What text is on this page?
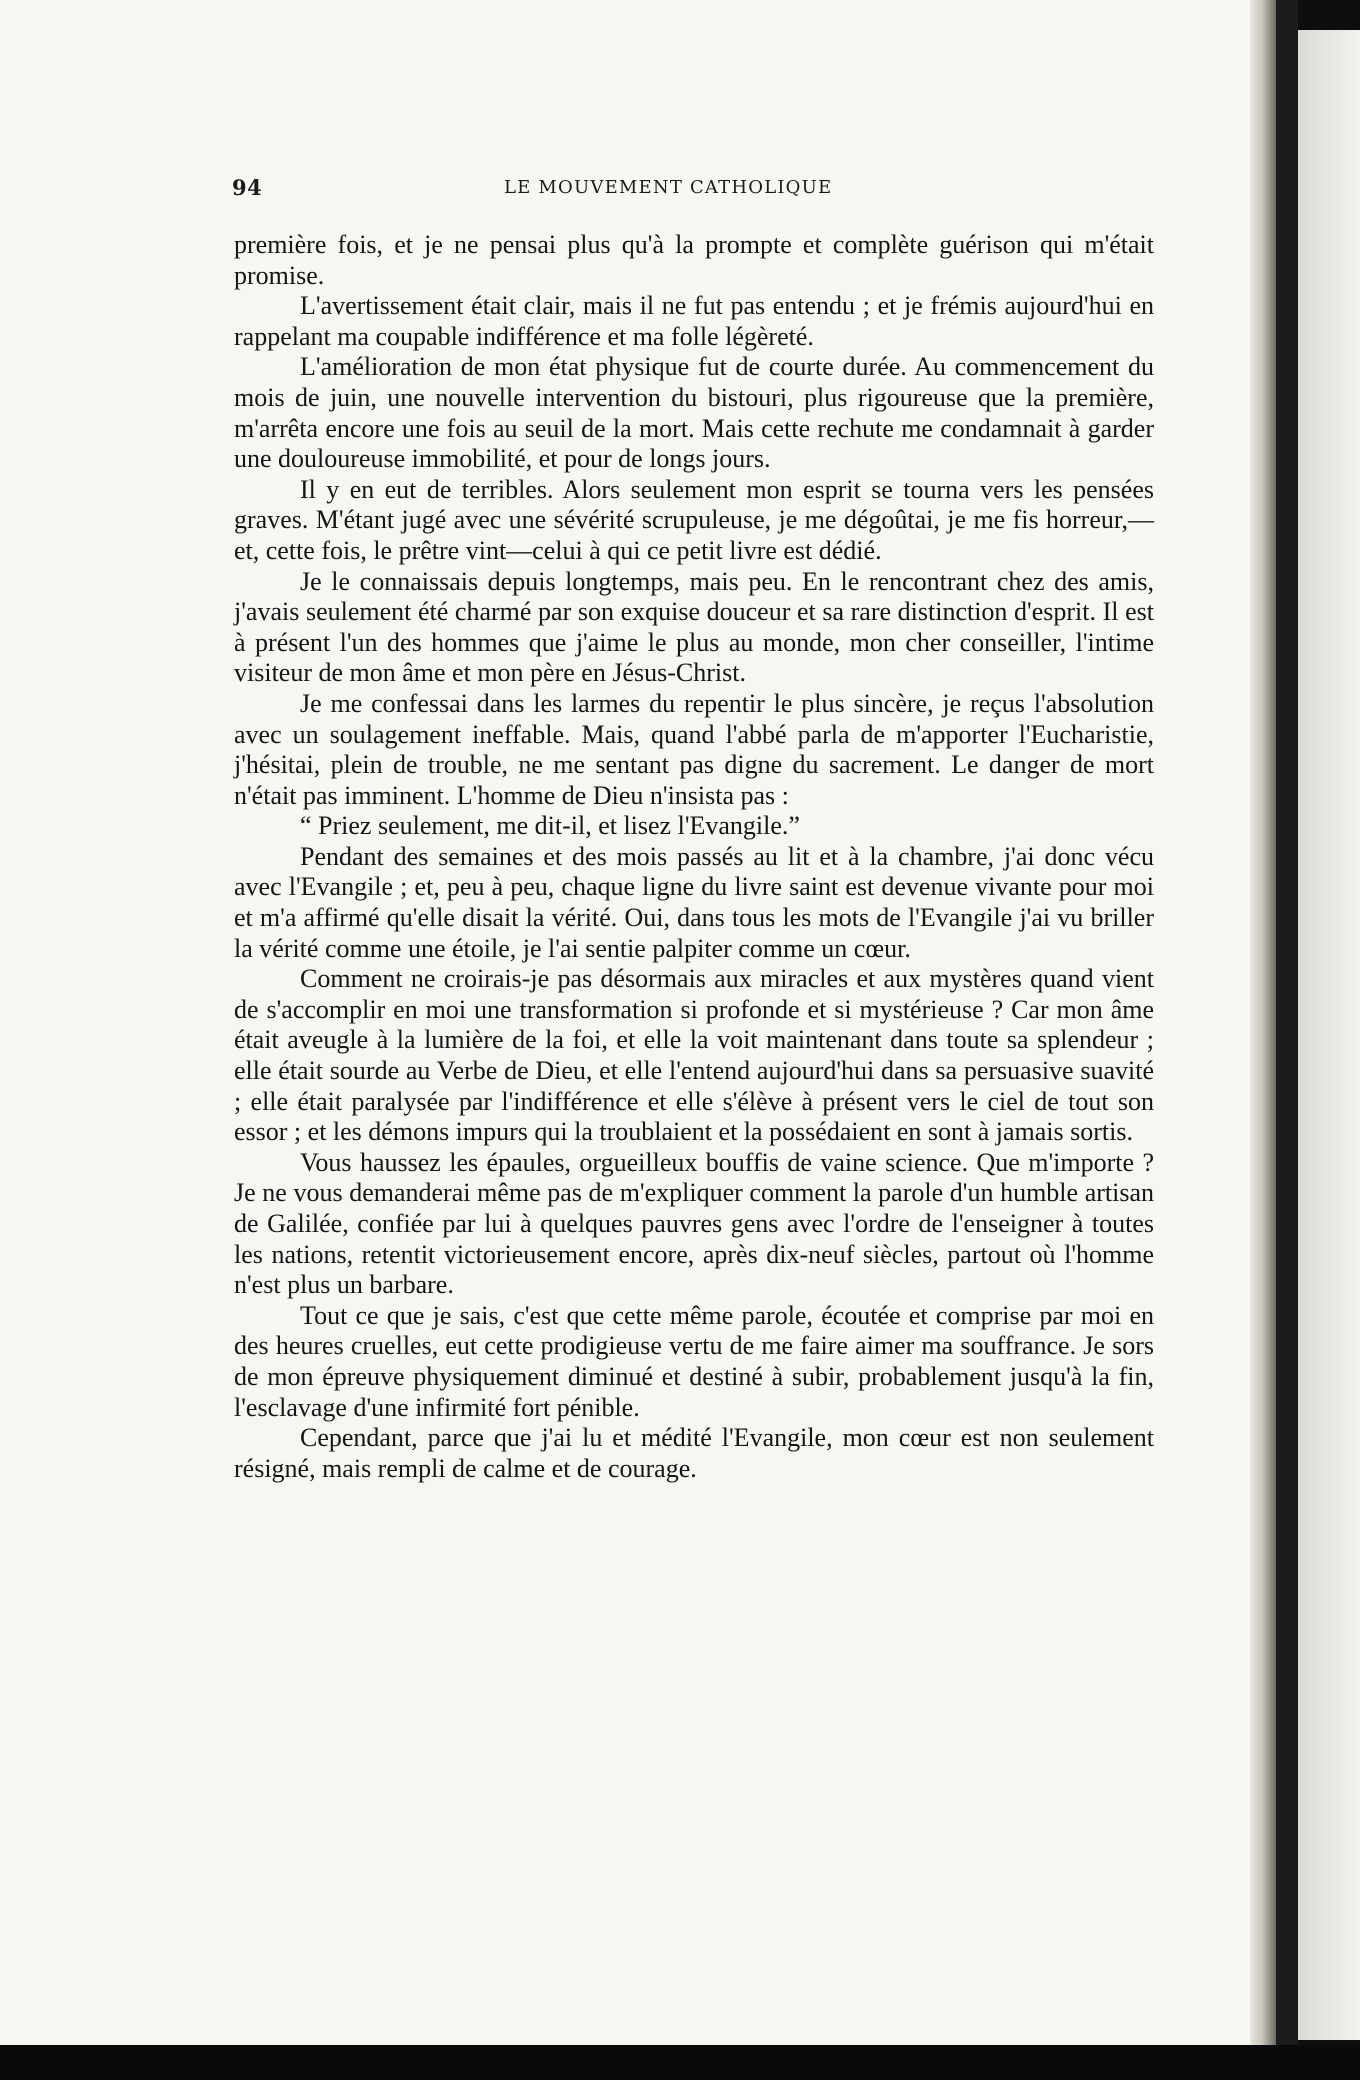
94	LE MOUVEMENT CATHOLIQUE

première fois, et je ne pensai plus qu'à la prompte et complète guérison qui m'était promise.

L'avertissement était clair, mais il ne fut pas entendu ; et je frémis aujourd'hui en rappelant ma coupable indifférence et ma folle légèreté.

L'amélioration de mon état physique fut de courte durée. Au commencement du mois de juin, une nouvelle intervention du bistouri, plus rigoureuse que la première, m'arrêta encore une fois au seuil de la mort. Mais cette rechute me condamnait à garder une douloureuse immobilité, et pour de longs jours.

Il y en eut de terribles. Alors seulement mon esprit se tourna vers les pensées graves. M'étant jugé avec une sévérité scrupuleuse, je me dégoûtai, je me fis horreur,—et, cette fois, le prêtre vint—celui à qui ce petit livre est dédié.

Je le connaissais depuis longtemps, mais peu. En le rencontrant chez des amis, j'avais seulement été charmé par son exquise douceur et sa rare distinction d'esprit. Il est à présent l'un des hommes que j'aime le plus au monde, mon cher conseiller, l'intime visiteur de mon âme et mon père en Jésus-Christ.

Je me confessai dans les larmes du repentir le plus sincère, je reçus l'absolution avec un soulagement ineffable. Mais, quand l'abbé parla de m'apporter l'Eucharistie, j'hésitai, plein de trouble, ne me sentant pas digne du sacrement. Le danger de mort n'était pas imminent. L'homme de Dieu n'insista pas :

“ Priez seulement, me dit-il, et lisez l'Evangile.”

Pendant des semaines et des mois passés au lit et à la chambre, j'ai donc vécu avec l'Evangile ; et, peu à peu, chaque ligne du livre saint est devenue vivante pour moi et m'a affirmé qu'elle disait la vérité. Oui, dans tous les mots de l'Evangile j'ai vu briller la vérité comme une étoile, je l'ai sentie palpiter comme un cœur.

Comment ne croirais-je pas désormais aux miracles et aux mystères quand vient de s'accomplir en moi une transformation si profonde et si mystérieuse ? Car mon âme était aveugle à la lumière de la foi, et elle la voit maintenant dans toute sa splendeur ; elle était sourde au Verbe de Dieu, et elle l'entend aujourd'hui dans sa persuasive suavité ; elle était paralysée par l'indifférence et elle s'élève à présent vers le ciel de tout son essor ; et les démons impurs qui la troublaient et la possédaient en sont à jamais sortis.

Vous haussez les épaules, orgueilleux bouffis de vaine science. Que m'importe ? Je ne vous demanderai même pas de m'expliquer comment la parole d'un humble artisan de Galilée, confiée par lui à quelques pauvres gens avec l'ordre de l'enseigner à toutes les nations, retentit victorieusement encore, après dix-neuf siècles, partout où l'homme n'est plus un barbare.

Tout ce que je sais, c'est que cette même parole, écoutée et comprise par moi en des heures cruelles, eut cette prodigieuse vertu de me faire aimer ma souffrance. Je sors de mon épreuve physiquement diminué et destiné à subir, probablement jusqu'à la fin, l'esclavage d'une infirmité fort pénible.

Cependant, parce que j'ai lu et médité l'Evangile, mon cœur est non seulement résigné, mais rempli de calme et de courage.
